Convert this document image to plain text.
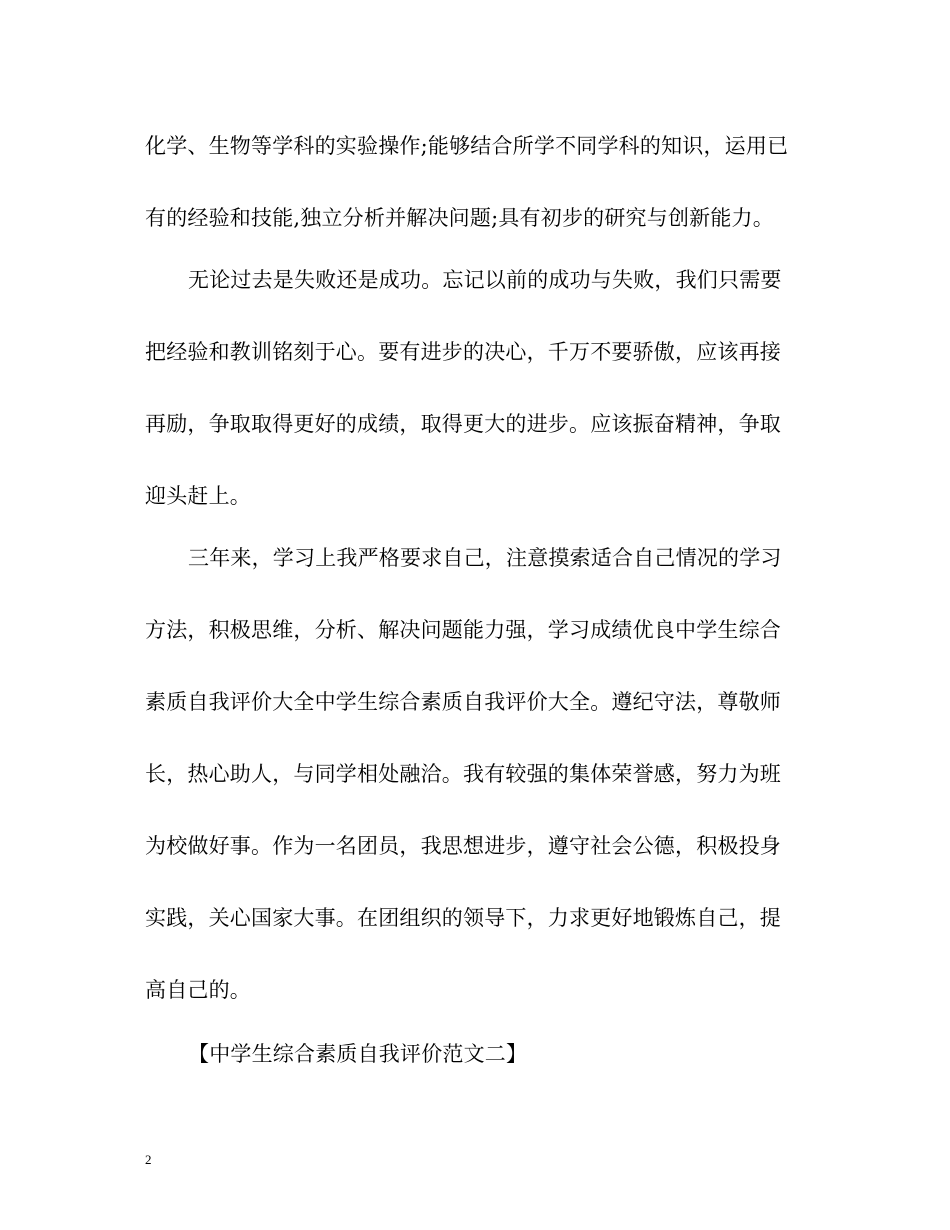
化学、生物等学科的实验操作;能够结合所学不同学科的知识，运用已
有的经验和技能,独立分析并解决问题;具有初步的研究与创新能力。
无论过去是失败还是成功。忘记以前的成功与失败，我们只需要
把经验和教训铭刻于心。要有进步的决心，千万不要骄傲，应该再接
再励，争取取得更好的成绩，取得更大的进步。应该振奋精神，争取
迎头赶上。
三年来，学习上我严格要求自己，注意摸索适合自己情况的学习
方法，积极思维，分析、解决问题能力强，学习成绩优良中学生综合
素质自我评价大全中学生综合素质自我评价大全。遵纪守法，尊敬师
长，热心助人，与同学相处融洽。我有较强的集体荣誉感，努力为班
为校做好事。作为一名团员，我思想进步，遵守社会公德，积极投身
实践，关心国家大事。在团组织的领导下，力求更好地锻炼自己，提
高自己的。
【中学生综合素质自我评价范文二】
2
